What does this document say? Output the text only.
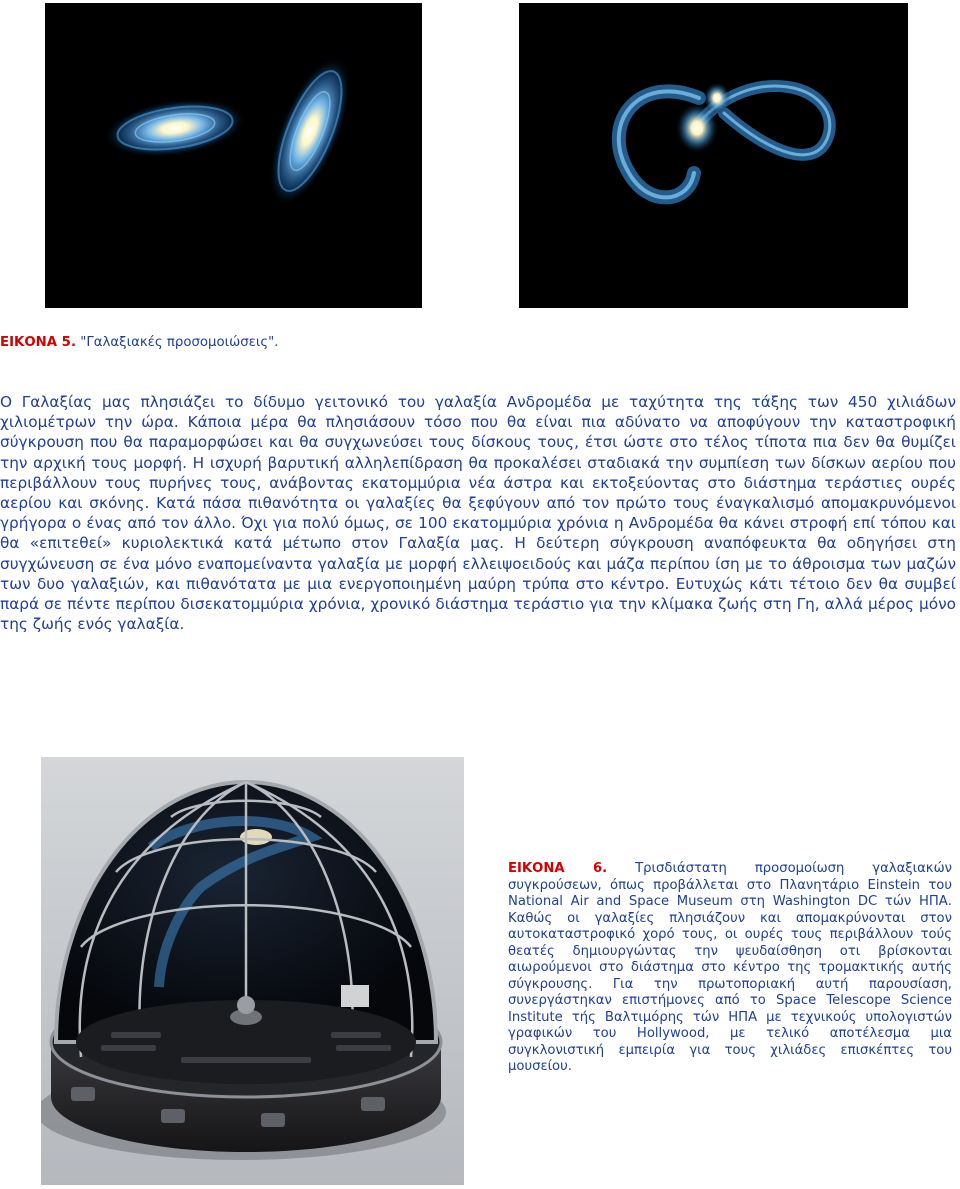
ΕΙΚΟΝΑ 5. "Γαλαξιακές προσομοιώσεις".

Ο Γαλαξίας μας πλησιάζει το δίδυμο γειτονικό του γαλαξία Ανδρομέδα με ταχύτητα της τάξης των 450 χιλιάδων χιλιομέτρων την ώρα. Κάποια μέρα θα πλησιάσουν τόσο που θα είναι πια αδύνατο να αποφύγουν την καταστροφική σύγκρουση που θα παραμορφώσει και θα συγχωνεύσει τους δίσκους τους, έτσι ώστε στο τέλος τίποτα πια δεν θα θυμίζει την αρχική τους μορφή. Η ισχυρή βαρυτική αλληλεπίδραση θα προκαλέσει σταδιακά την συμπίεση των δίσκων αερίου που περιβάλλουν τους πυρήνες τους, ανάβοντας εκατομμύρια νέα άστρα και εκτοξεύοντας στο διάστημα τεράστιες ουρές αερίου και σκόνης. Κατά πάσα πιθανότητα οι γαλαξίες θα ξεφύγουν από τον πρώτο τους έναγκαλισμό απομακρυνόμενοι γρήγορα ο ένας από τον άλλο. Όχι για πολύ όμως, σε 100 εκατομμύρια χρόνια η Ανδρομέδα θα κάνει στροφή επί τόπου και θα «επιτεθεί» κυριολεκτικά κατά μέτωπο στον Γαλαξία μας. Η δεύτερη σύγκρουση αναπόφευκτα θα οδηγήσει στη συγχώνευση σε ένα μόνο εναπομείναντα γαλαξία με μορφή ελλειψοειδούς και μάζα περίπου ίση με το άθροισμα των μαζών των δυο γαλαξιών, και πιθανότατα με μια ενεργοποιημένη μαύρη τρύπα στο κέντρο. Ευτυχώς κάτι τέτοιο δεν θα συμβεί παρά σε πέντε περίπου δισεκατομμύρια χρόνια, χρονικό διάστημα τεράστιο για την κλίμακα ζωής στη Γη, αλλά μέρος μόνο της ζωής ενός γαλαξία.

ΕΙΚΟΝΑ 6. Τρισδιάστατη προσομοίωση γαλαξιακών συγκρούσεων, όπως προβάλλεται στο Πλανητάριο Einstein του National Air and Space Museum στη Washington DC τών ΗΠΑ. Καθώς οι γαλαξίες πλησιάζουν και απομακρύνονται στον αυτοκαταστροφικό χορό τους, οι ουρές τους περιβάλλουν τούς θεατές δημιουργώντας την ψευδαίσθηση οτι βρίσκονται αιωρούμενοι στο διάστημα στο κέντρο της τρομακτικής αυτής σύγκρουσης. Για την πρωτοποριακή αυτή παρουσίαση, συνεργάστηκαν επιστήμονες από το Space Telescope Science Institute τής Βαλτιμόρης τών ΗΠΑ με τεχνικούς υπολογιστών γραφικών του Hollywood, με τελικό αποτέλεσμα μια συγκλονιστική εμπειρία για τους χιλιάδες επισκέπτες του μουσείου.
